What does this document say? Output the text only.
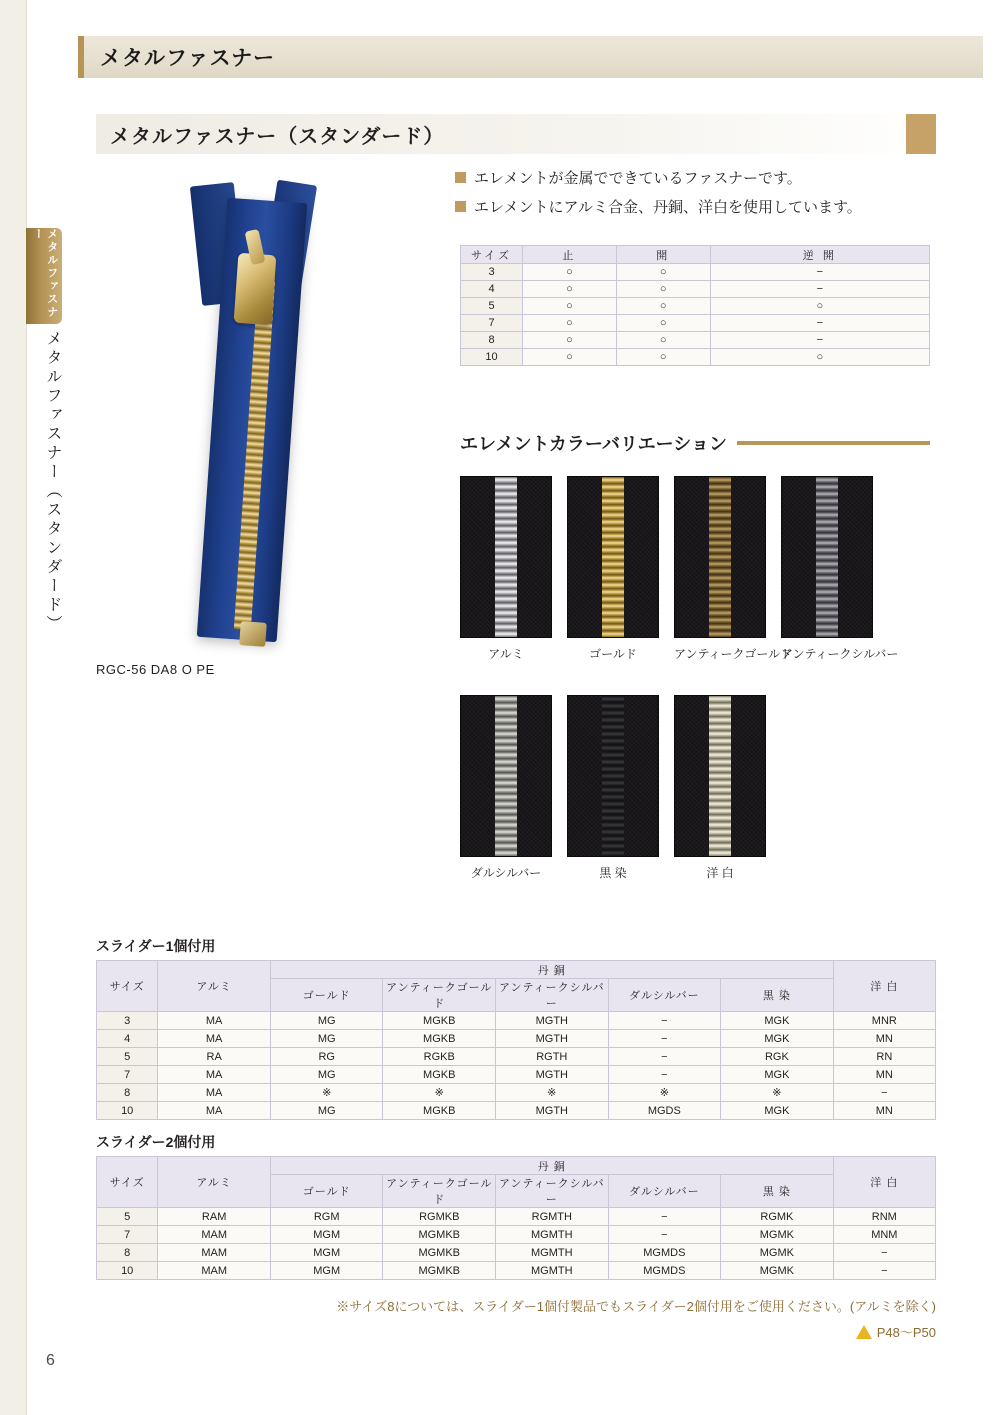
メタルファスナー
メタルファスナー
メタルファスナー（スタンダード）
メタルファスナー（スタンダード）
エレメントが金属でできているファスナーです。
エレメントにアルミ合金、丹銅、洋白を使用しています。
サイズ	止	開	逆 開
3	○	○	−
4	○	○	−
5	○	○	○
7	○	○	−
8	○	○	−
10	○	○	○
エレメントカラーバリエーション
アルミ	ゴールド	アンティークゴールド
アンティークシルバー
ダルシルバー	黒 染	洋 白
RGC-56 DA8 O PE
スライダー1個付用
サイズ	アルミ	丹 銅					洋 白
		ゴールド	アンティークゴールド	アンティークシルバー	ダルシルバー	黒 染	
3	MA	MG	MGKB	MGTH	−	MGK	MNR
4	MA	MG	MGKB	MGTH	−	MGK	MN
5	RA	RG	RGKB	RGTH	−	RGK	RN
7	MA	MG	MGKB	MGTH	−	MGK	MN
8	MA	※	※	※	※	※	−
10	MA	MG	MGKB	MGTH	MGDS	MGK	MN
スライダー2個付用
サイズ	アルミ	丹 銅					洋 白
		ゴールド	アンティークゴールド	アンティークシルバー	ダルシルバー	黒 染	
5	RAM	RGM	RGMKB	RGMTH	−	RGMK	RNM
7	MAM	MGM	MGMKB	MGMTH	−	MGMK	MNM
8	MAM	MGM	MGMKB	MGMTH	MGMDS	MGMK	−
10	MAM	MGM	MGMKB	MGMTH	MGMDS	MGMK	−
※サイズ8については、スライダー1個付製品でもスライダー2個付用をご使用ください。(アルミを除く)
P48〜P50
6
